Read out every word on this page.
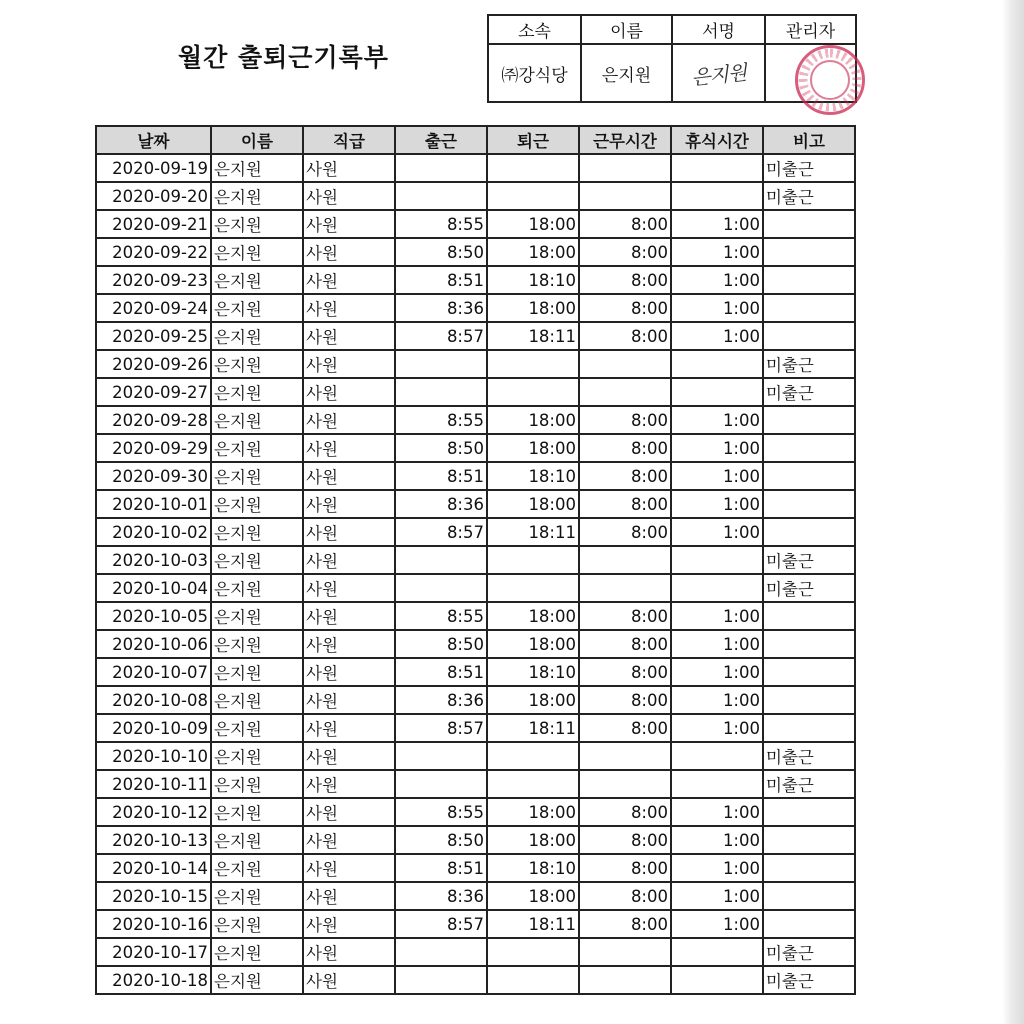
월간 출퇴근기록부
소속	이름	서명	관리자
㈜강식당	은지원	은지원	
날짜	이름	직급	출근	퇴근	근무시간	휴식시간	비고
2020-09-19	은지원	사원					미출근
2020-09-20	은지원	사원					미출근
2020-09-21	은지원	사원	8:55	18:00	8:00	1:00	
2020-09-22	은지원	사원	8:50	18:00	8:00	1:00	
2020-09-23	은지원	사원	8:51	18:10	8:00	1:00	
2020-09-24	은지원	사원	8:36	18:00	8:00	1:00	
2020-09-25	은지원	사원	8:57	18:11	8:00	1:00	
2020-09-26	은지원	사원					미출근
2020-09-27	은지원	사원					미출근
2020-09-28	은지원	사원	8:55	18:00	8:00	1:00	
2020-09-29	은지원	사원	8:50	18:00	8:00	1:00	
2020-09-30	은지원	사원	8:51	18:10	8:00	1:00	
2020-10-01	은지원	사원	8:36	18:00	8:00	1:00	
2020-10-02	은지원	사원	8:57	18:11	8:00	1:00	
2020-10-03	은지원	사원					미출근
2020-10-04	은지원	사원					미출근
2020-10-05	은지원	사원	8:55	18:00	8:00	1:00	
2020-10-06	은지원	사원	8:50	18:00	8:00	1:00	
2020-10-07	은지원	사원	8:51	18:10	8:00	1:00	
2020-10-08	은지원	사원	8:36	18:00	8:00	1:00	
2020-10-09	은지원	사원	8:57	18:11	8:00	1:00	
2020-10-10	은지원	사원					미출근
2020-10-11	은지원	사원					미출근
2020-10-12	은지원	사원	8:55	18:00	8:00	1:00	
2020-10-13	은지원	사원	8:50	18:00	8:00	1:00	
2020-10-14	은지원	사원	8:51	18:10	8:00	1:00	
2020-10-15	은지원	사원	8:36	18:00	8:00	1:00	
2020-10-16	은지원	사원	8:57	18:11	8:00	1:00	
2020-10-17	은지원	사원					미출근
2020-10-18	은지원	사원					미출근
